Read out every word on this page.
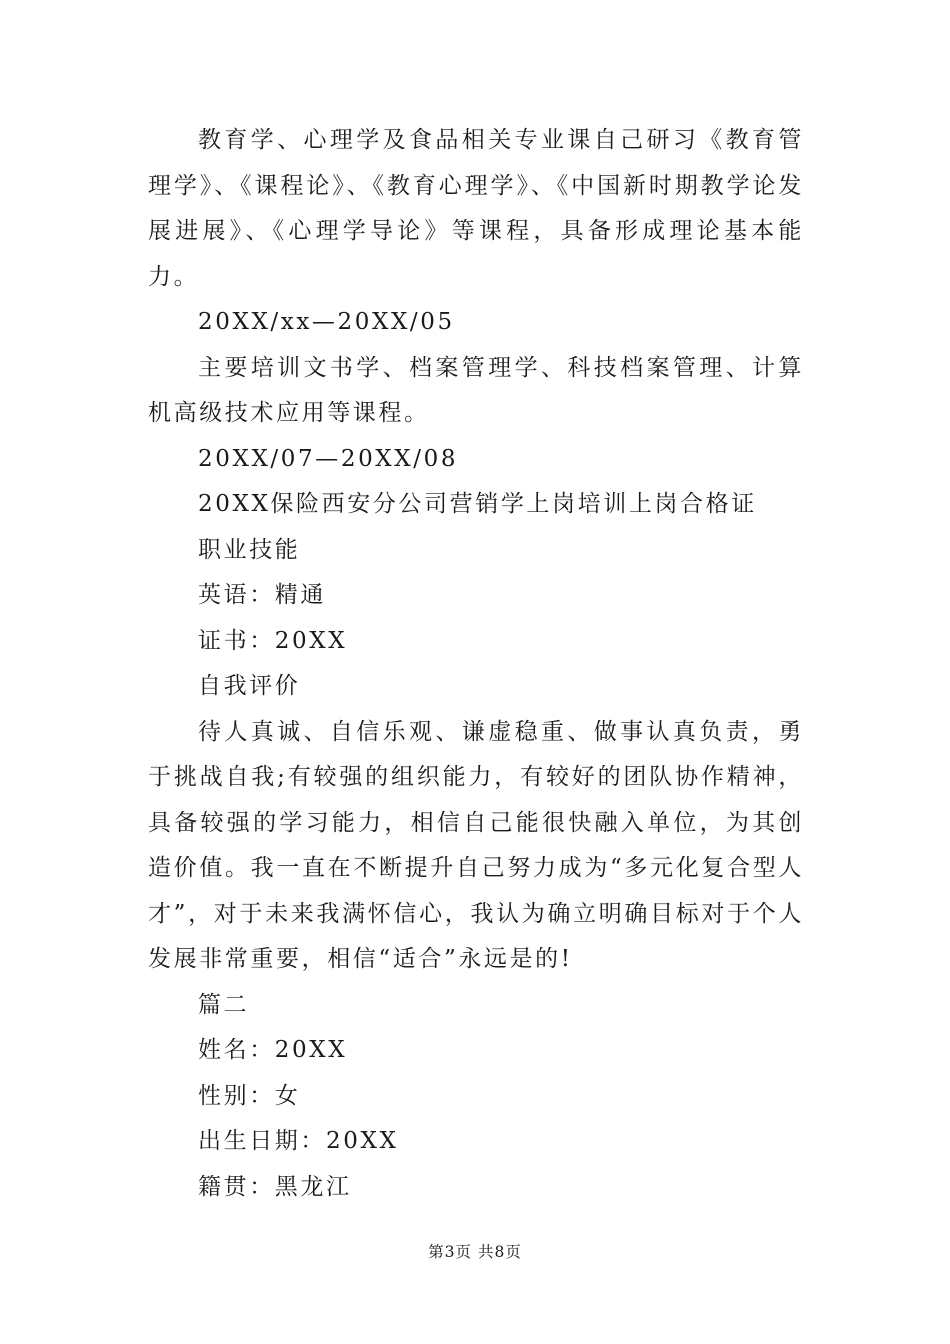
教育学、心理学及食品相关专业课自己研习《教育管理学》、《课程论》、《教育心理学》、《中国新时期教学论发展进展》、《心理学导论》等课程，具备形成理论基本能力。

20XX/xx—20XX/05

主要培训文书学、档案管理学、科技档案管理、计算机高级技术应用等课程。

20XX/07—20XX/08

20XX保险西安分公司营销学上岗培训上岗合格证

职业技能

英语：精通

证书：20XX

自我评价

待人真诚、自信乐观、谦虚稳重、做事认真负责，勇于挑战自我;有较强的组织能力，有较好的团队协作精神，具备较强的学习能力，相信自己能很快融入单位，为其创造价值。我一直在不断提升自己努力成为“多元化复合型人才”，对于未来我满怀信心，我认为确立明确目标对于个人发展非常重要，相信“适合”永远是的!

篇二

姓名：20XX

性别：女

出生日期：20XX

籍贯：黑龙江

第3页 共8页
